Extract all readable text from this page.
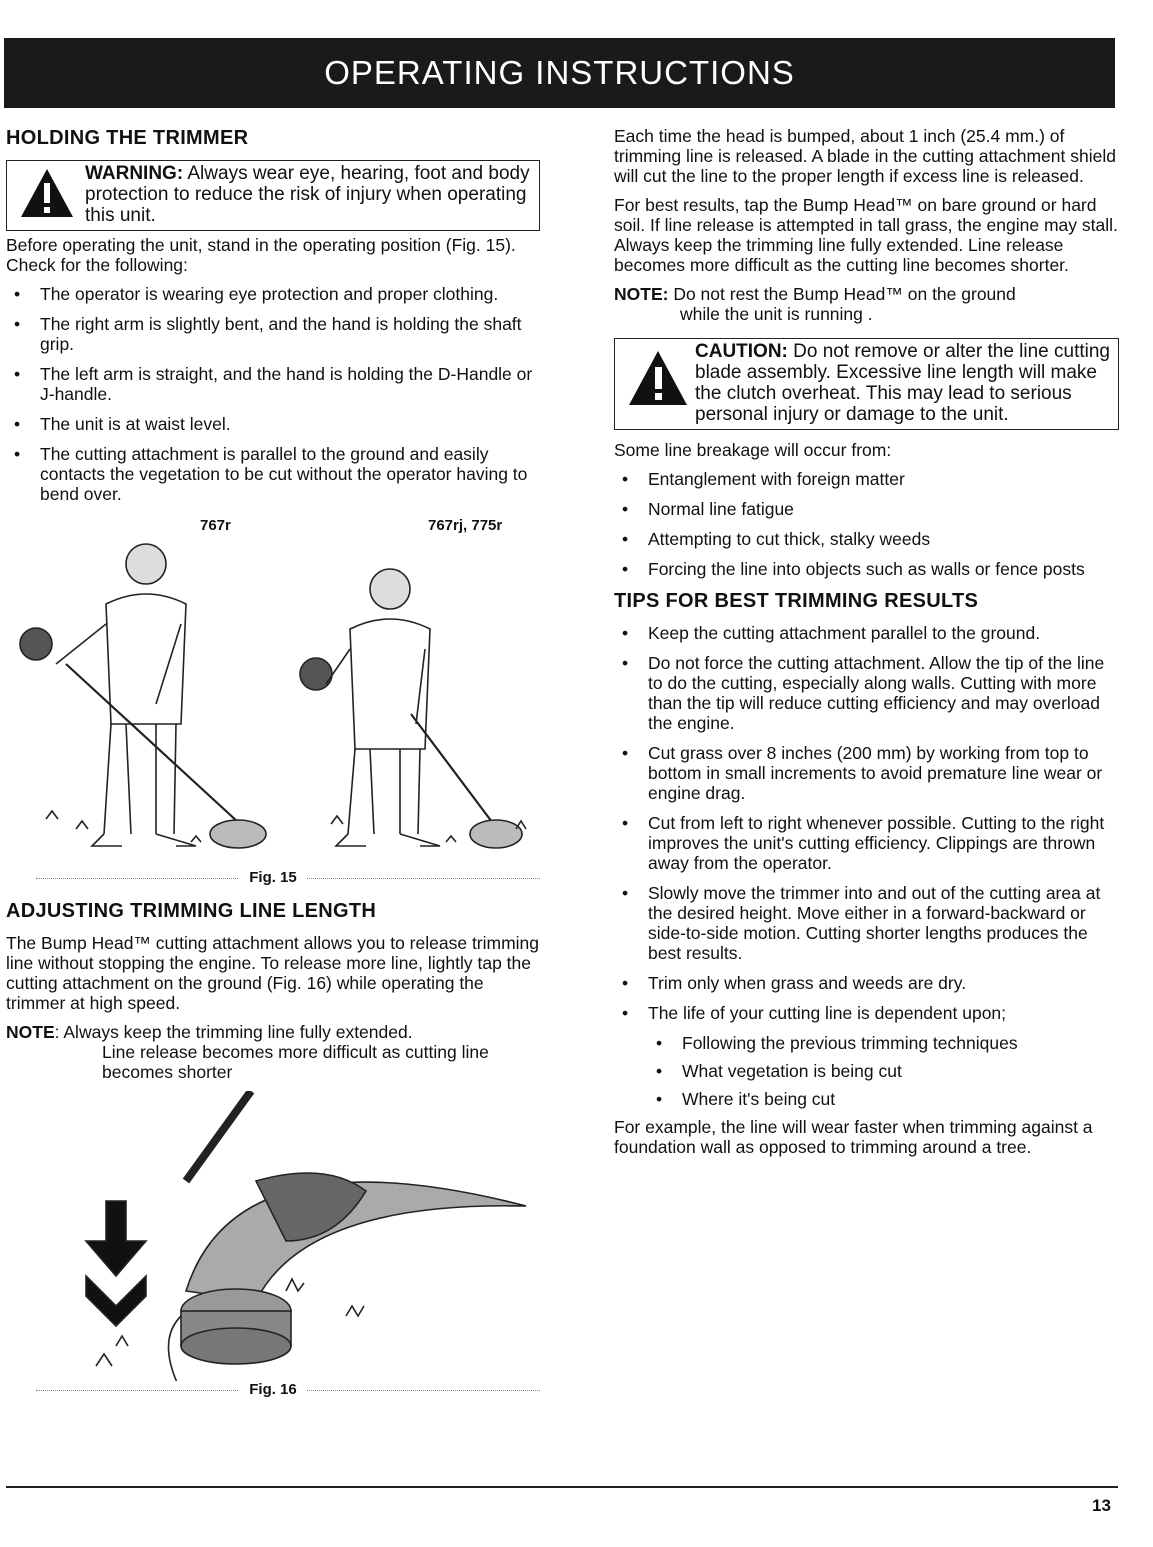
OPERATING INSTRUCTIONS
HOLDING THE TRIMMER
WARNING: Always wear eye, hearing, foot and body protection to reduce the risk of injury when operating this unit.

Before operating the unit, stand in the operating position (Fig. 15). Check for the following:

• The operator is wearing eye protection and proper clothing.
• The right arm is slightly bent, and the hand is holding the shaft grip.
• The left arm is straight, and the hand is holding the D-Handle or J-handle.
• The unit is at waist level.
• The cutting attachment is parallel to the ground and easily contacts the vegetation to be cut without the operator having to bend over.
767r	767rj, 775r
Fig. 15
ADJUSTING TRIMMING LINE LENGTH

The Bump Head™ cutting attachment allows you to release trimming line without stopping the engine. To release more line, lightly tap the cutting attachment on the ground (Fig. 16) while operating the trimmer at high speed.

NOTE: Always keep the trimming line fully extended.
Line release becomes more difficult as cutting line becomes shorter
Fig. 16

Each time the head is bumped, about 1 inch (25.4 mm.) of trimming line is released. A blade in the cutting attachment shield will cut the line to the proper length if excess line is released.

For best results, tap the Bump Head™ on bare ground or hard soil. If line release is attempted in tall grass, the engine may stall. Always keep the trimming line fully extended. Line release becomes more difficult as the cutting line becomes shorter.

NOTE: Do not rest the Bump Head™ on the ground
while the unit is running .
CAUTION: Do not remove or alter the line cutting blade assembly. Excessive line length will make the clutch overheat. This may lead to serious personal injury or damage to the unit.

Some line breakage will occur from:

• Entanglement with foreign matter
• Normal line fatigue
• Attempting to cut thick, stalky weeds
• Forcing the line into objects such as walls or fence posts
TIPS FOR BEST TRIMMING RESULTS
• Keep the cutting attachment parallel to the ground.
• Do not force the cutting attachment. Allow the tip of the line to do the cutting, especially along walls. Cutting with more than the tip will reduce cutting efficiency and may overload the engine.
• Cut grass over 8 inches (200 mm) by working from top to bottom in small increments to avoid premature line wear or engine drag.
• Cut from left to right whenever possible. Cutting to the right improves the unit's cutting efficiency. Clippings are thrown away from the operator.
• Slowly move the trimmer into and out of the cutting area at the desired height. Move either in a forward-backward or side-to-side motion. Cutting shorter lengths produces the best results.
• Trim only when grass and weeds are dry.
• The life of your cutting line is dependent upon;
• Following the previous trimming techniques
• What vegetation is being cut
• Where it's being cut

For example, the line will wear faster when trimming against a foundation wall as opposed to trimming around a tree.

13
